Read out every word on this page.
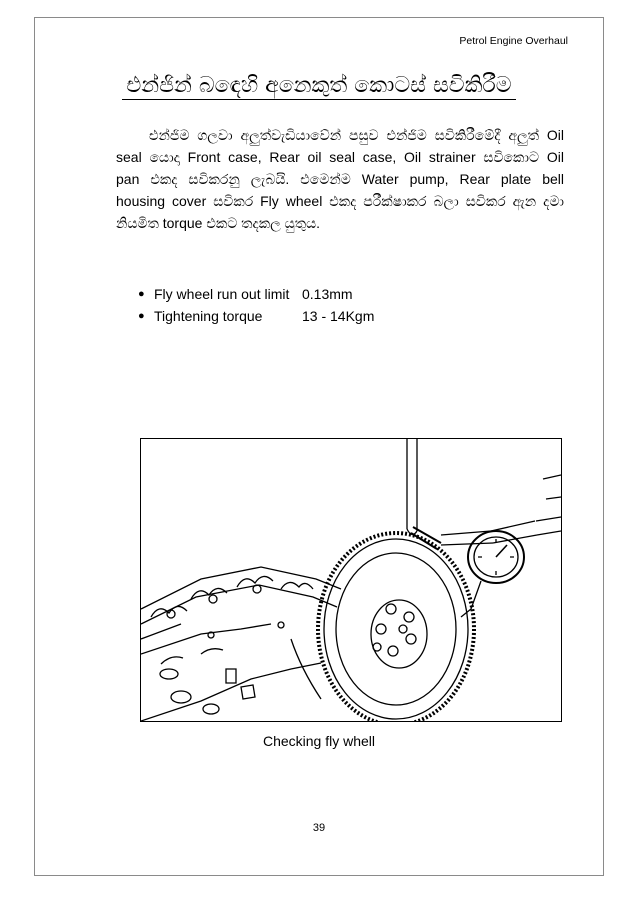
Petrol Engine Overhaul
එන්ජින් බඳෙහි අනෙකුත් කොටස් සවිකිරීම
එන්ජිම ගලවා අලුත්වැඩියාවේන් පසුව එන්ජිම සවිකිරීමේදී අලුත් Oil
seal යොදා Front case, Rear oil seal case, Oil strainer සවිකොට Oil
pan එකද සවිකරනු ලැබයි. එමෙන්ම Water pump, Rear plate bell
housing cover සවිකර Fly wheel එකද පරීක්ෂාකර බලා සවිකර ඇන දමා
නියමිත torque එකට තදකල යුතුය.
● Fly wheel run out limit 0.13mm
● Tightening torque	13 - 14Kgm
Checking fly whell
39
